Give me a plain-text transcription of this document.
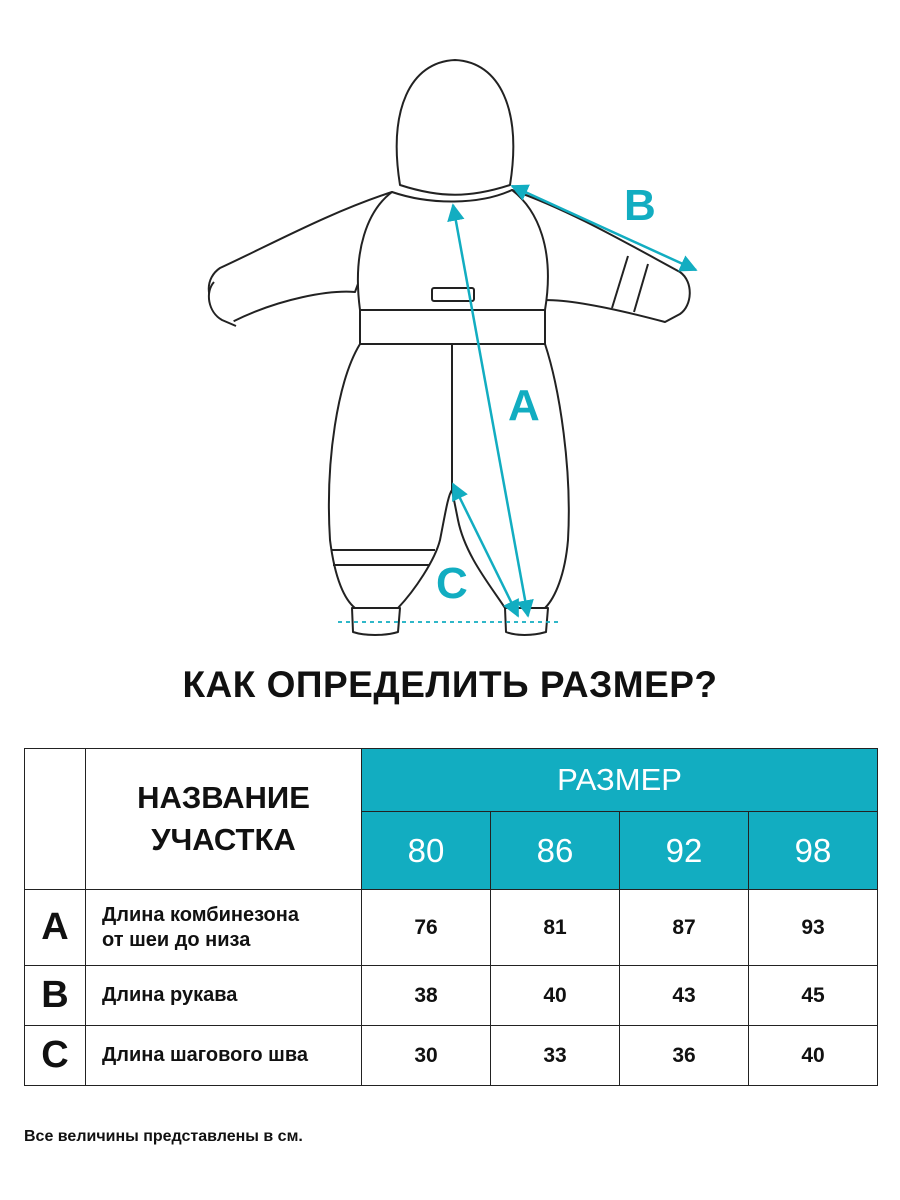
A
B
C
КАК ОПРЕДЕЛИТЬ РАЗМЕР?

	НАЗВАНИЕ
УЧАСТКА	РАЗМЕР			
		80	86	92	98
A	Длина комбинезона
от шеи до низа	76	81	87	93
B	Длина рукава	38	40	43	45
C	Длина шагового шва	30	33	36	40
Все величины представлены в см.
